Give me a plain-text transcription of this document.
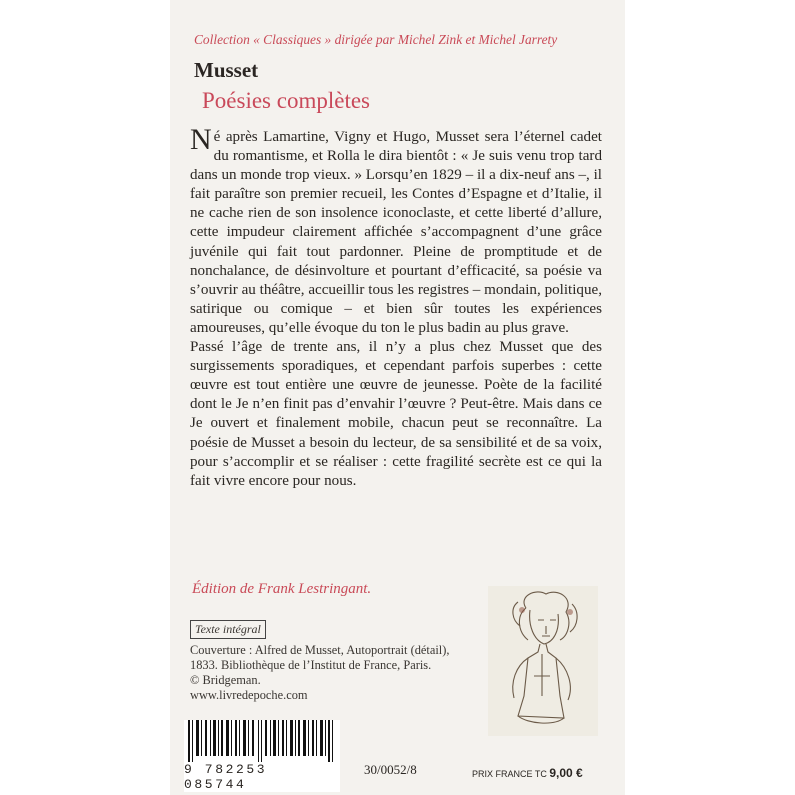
Collection « Classiques » dirigée par Michel Zink et Michel Jarrety
Musset
Poésies complètes

Né après Lamartine, Vigny et Hugo, Musset sera l’éternel cadet du romantisme, et Rolla le dira bientôt : « Je suis venu trop tard dans un monde trop vieux. » Lorsqu’en 1829 – il a dix-neuf ans –, il fait paraître son premier recueil, les Contes d’Espagne et d’Italie, il ne cache rien de son insolence iconoclaste, et cette liberté d’allure, cette impudeur clairement affichée s’accompagnent d’une grâce juvénile qui fait tout pardonner. Pleine de promptitude et de nonchalance, de désinvolture et pourtant d’efficacité, sa poésie va s’ouvrir au théâtre, accueillir tous les registres – mondain, politique, satirique ou comique – et bien sûr toutes les expériences amoureuses, qu’elle évoque du ton le plus badin au plus grave.

Passé l’âge de trente ans, il n’y a plus chez Musset que des surgissements sporadiques, et cependant parfois superbes : cette œuvre est tout entière une œuvre de jeunesse. Poète de la facilité dont le Je n’en finit pas d’envahir l’œuvre ? Peut-être. Mais dans ce Je ouvert et finalement mobile, chacun peut se reconnaître. La poésie de Musset a besoin du lecteur, de sa sensibilité et de sa voix, pour s’accomplir et se réaliser : cette fragilité secrète est ce qui la fait vivre encore pour nous.

Édition de Frank Lestringant.
Texte intégral
Couverture : Alfred de Musset, Autoportrait (détail),
1833. Bibliothèque de l’Institut de France, Paris.
© Bridgeman.
www.livredepoche.com
9 782253 085744
30/0052/8	PRIX FRANCE TC 9,00 €
